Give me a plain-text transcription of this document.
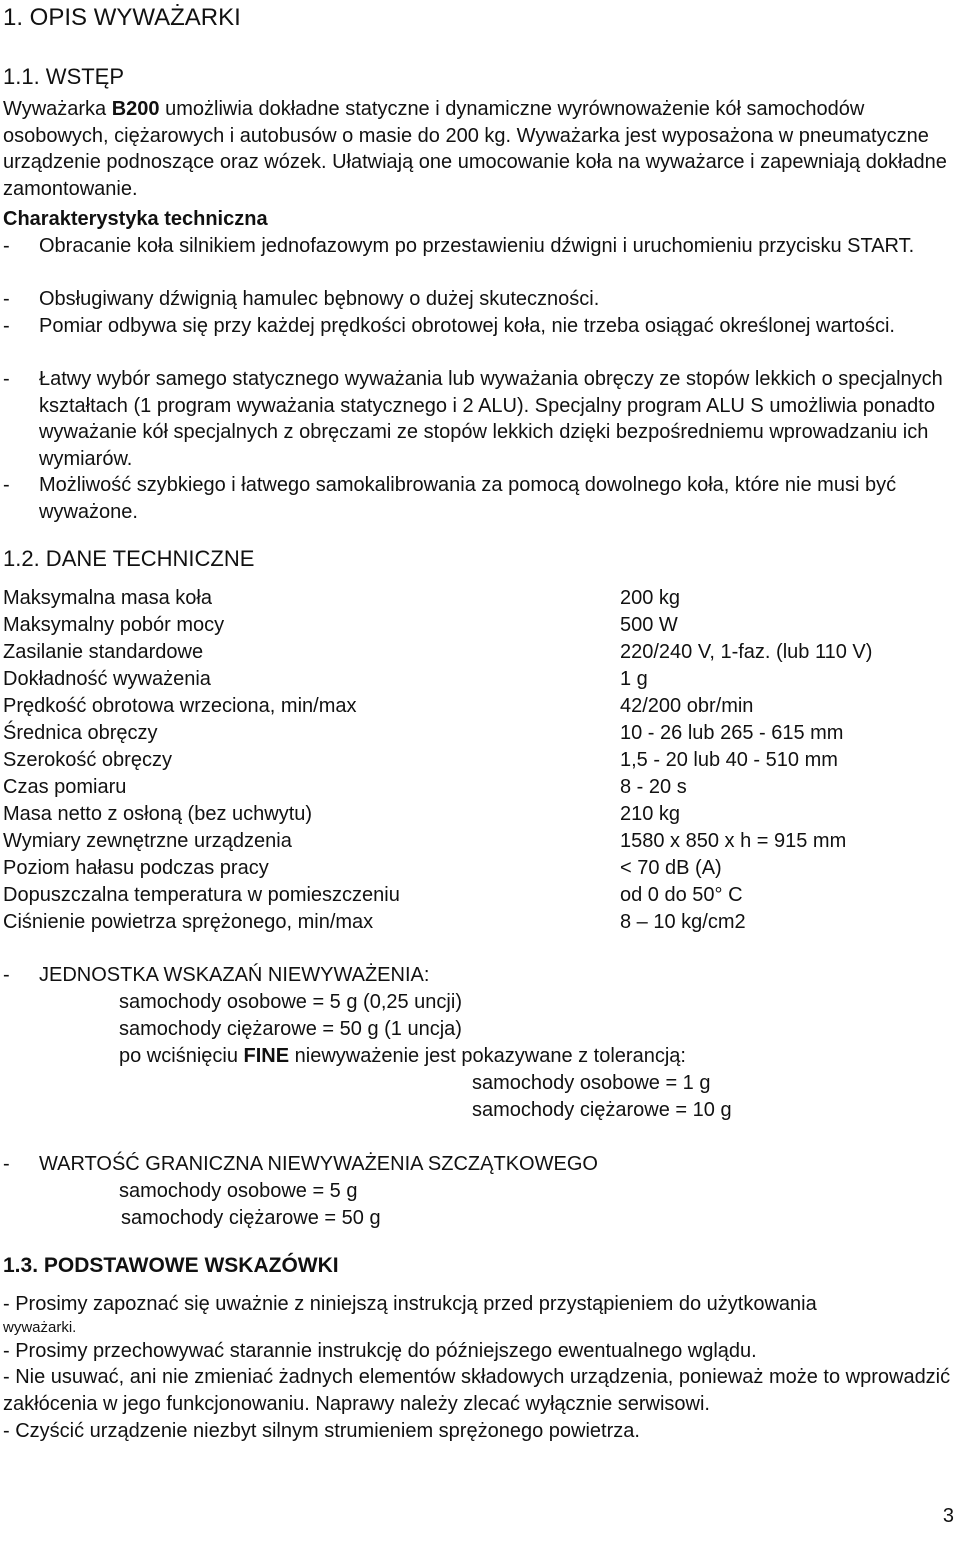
1. OPIS WYWAŻARKI
1.1. WSTĘP

Wyważarka B200 umożliwia dokładne statyczne i dynamiczne wyrównoważenie kół samochodów osobowych, ciężarowych i autobusów o masie do 200 kg. Wyważarka jest wyposażona w pneumatyczne urządzenie podnoszące oraz wózek. Ułatwiają one umocowanie koła na wyważarce i zapewniają dokładne zamontowanie.

Charakterystyka techniczna
- Obracanie koła silnikiem jednofazowym po przestawieniu dźwigni i uruchomieniu przycisku START.
- Obsługiwany dźwignią hamulec bębnowy o dużej skuteczności.
- Pomiar odbywa się przy każdej prędkości obrotowej koła, nie trzeba osiągać określonej wartości.
- Łatwy wybór samego statycznego wyważania lub wyważania obręczy ze stopów lekkich o specjalnych kształtach (1 program wyważania statycznego i 2 ALU). Specjalny program ALU S umożliwia ponadto wyważanie kół specjalnych z obręczami ze stopów lekkich dzięki bezpośredniemu wprowadzaniu ich wymiarów.
- Możliwość szybkiego i łatwego samokalibrowania za pomocą dowolnego koła, które nie musi być wyważone.
1.2. DANE TECHNICZNE
Maksymalna masa koła	200 kg
Maksymalny pobór mocy	500 W
Zasilanie standardowe	220/240 V, 1-faz. (lub 110 V)
Dokładność wyważenia	1 g
Prędkość obrotowa wrzeciona, min/max	42/200 obr/min
Średnica obręczy	10 - 26 lub 265 - 615 mm
Szerokość obręczy	1,5 - 20 lub 40 - 510 mm
Czas pomiaru	8 - 20 s
Masa netto z osłoną (bez uchwytu)	210 kg
Wymiary zewnętrzne urządzenia	1580 x 850 x h = 915 mm
Poziom hałasu podczas pracy	< 70 dB (A)
Dopuszczalna temperatura w pomieszczeniu	od 0 do 50° C
Ciśnienie powietrza sprężonego, min/max	8 – 10 kg/cm2
- JEDNOSTKA WSKAZAŃ NIEWYWAŻENIA:
samochody osobowe = 5 g (0,25 uncji)
samochody ciężarowe = 50 g (1 uncja)
po wciśnięciu FINE niewyważenie jest pokazywane z tolerancją:
samochody osobowe = 1 g
samochody ciężarowe = 10 g
- WARTOŚĆ GRANICZNA NIEWYWAŻENIA SZCZĄTKOWEGO
samochody osobowe = 5 g
samochody ciężarowe = 50 g
1.3. PODSTAWOWE WSKAZÓWKI
- Prosimy zapoznać się uważnie z niniejszą instrukcją przed przystąpieniem do użytkowania
wyważarki.
- Prosimy przechowywać starannie instrukcję do późniejszego ewentualnego wglądu.
- Nie usuwać, ani nie zmieniać żadnych elementów składowych urządzenia, ponieważ może to wprowadzić zakłócenia w jego funkcjonowaniu. Naprawy należy zlecać wyłącznie serwisowi.
- Czyścić urządzenie niezbyt silnym strumieniem sprężonego powietrza.
3
